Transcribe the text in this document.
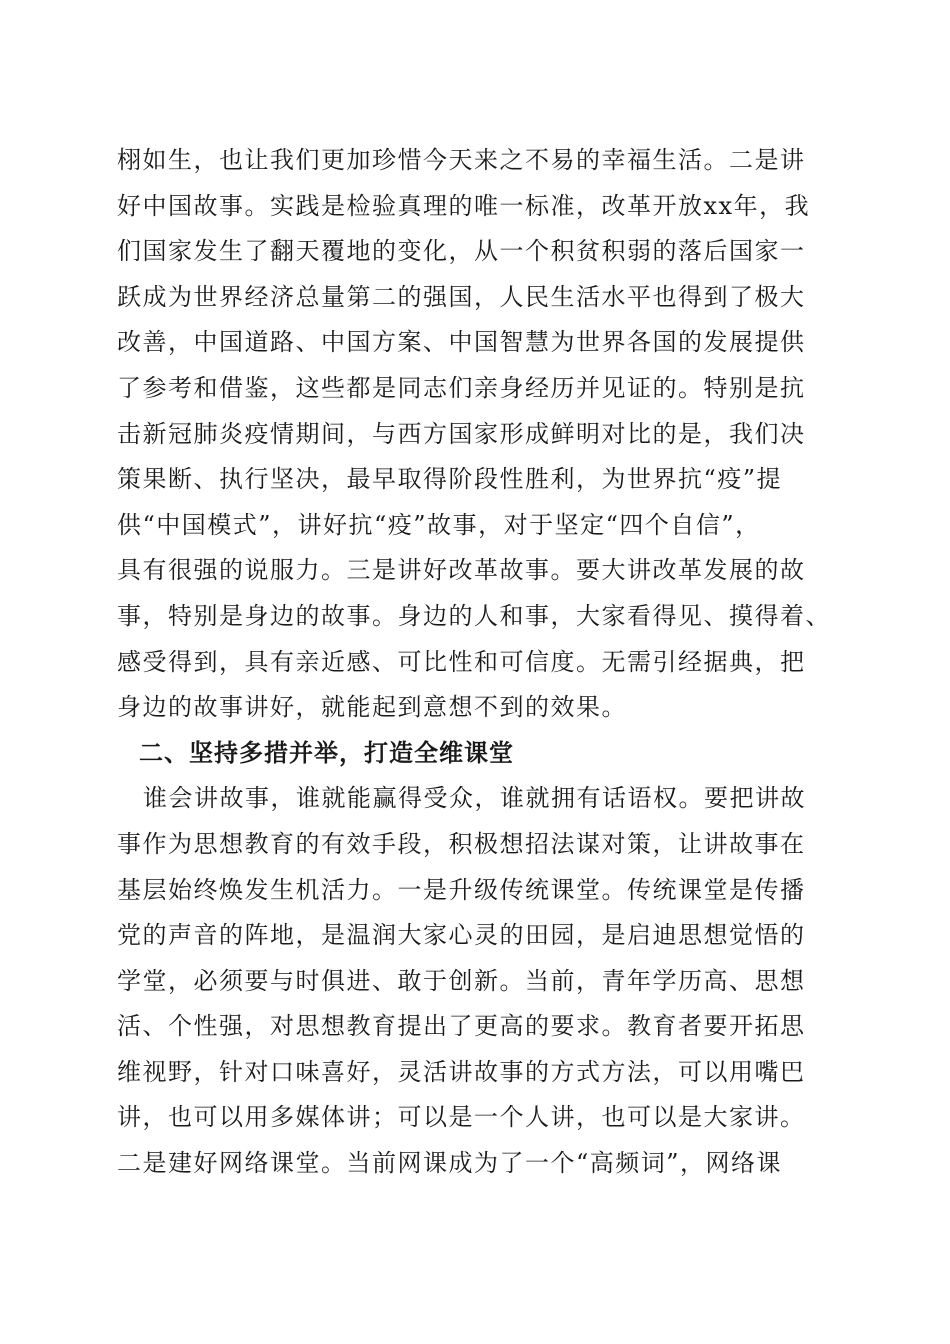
栩如生，也让我们更加珍惜今天来之不易的幸福生活。二是讲
好中国故事。实践是检验真理的唯一标准，改革开放xx年，我
们国家发生了翻天覆地的变化，从一个积贫积弱的落后国家一
跃成为世界经济总量第二的强国，人民生活水平也得到了极大
改善，中国道路、中国方案、中国智慧为世界各国的发展提供
了参考和借鉴，这些都是同志们亲身经历并见证的。特别是抗
击新冠肺炎疫情期间，与西方国家形成鲜明对比的是，我们决
策果断、执行坚决，最早取得阶段性胜利，为世界抗“疫”提
供“中国模式”，讲好抗“疫”故事，对于坚定“四个自信”，
具有很强的说服力。三是讲好改革故事。要大讲改革发展的故
事，特别是身边的故事。身边的人和事，大家看得见、摸得着、
感受得到，具有亲近感、可比性和可信度。无需引经据典，把
身边的故事讲好，就能起到意想不到的效果。
二、坚持多措并举，打造全维课堂
谁会讲故事，谁就能赢得受众，谁就拥有话语权。要把讲故
事作为思想教育的有效手段，积极想招法谋对策，让讲故事在
基层始终焕发生机活力。一是升级传统课堂。传统课堂是传播
党的声音的阵地，是温润大家心灵的田园，是启迪思想觉悟的
学堂，必须要与时俱进、敢于创新。当前，青年学历高、思想
活、个性强，对思想教育提出了更高的要求。教育者要开拓思
维视野，针对口味喜好，灵活讲故事的方式方法，可以用嘴巴
讲，也可以用多媒体讲；可以是一个人讲，也可以是大家讲。
二是建好网络课堂。当前网课成为了一个“高频词”，网络课
